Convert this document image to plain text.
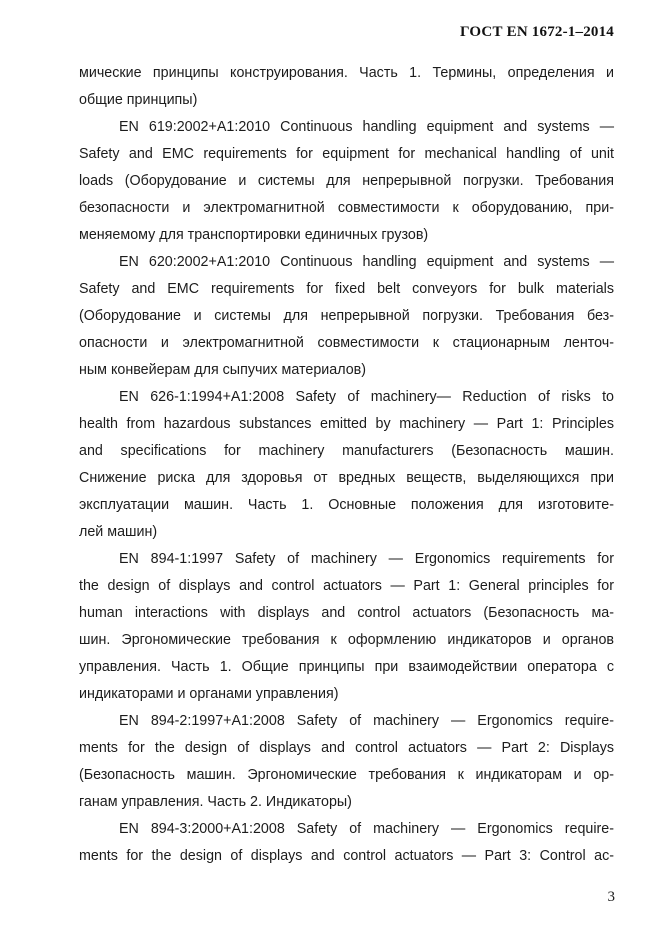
ГОСТ EN 1672-1–2014
мические принципы конструирования. Часть 1. Термины, определения и
общие принципы)
EN 619:2002+A1:2010 Continuous handling equipment and systems —
Safety and EMC requirements for equipment for mechanical handling of unit
loads (Оборудование и системы для непрерывной погрузки. Требования
безопасности и электромагнитной совместимости к оборудованию, при-
меняемому для транспортировки единичных грузов)
EN 620:2002+A1:2010 Continuous handling equipment and systems —
Safety and EMC requirements for fixed belt conveyors for bulk materials
(Оборудование и системы для непрерывной погрузки. Требования без-
опасности и электромагнитной совместимости к стационарным ленточ-
ным конвейерам для сыпучих материалов)
EN 626-1:1994+A1:2008 Safety of machinery— Reduction of risks to
health from hazardous substances emitted by machinery — Part 1: Principles
and specifications for machinery manufacturers (Безопасность машин.
Снижение риска для здоровья от вредных веществ, выделяющихся при
эксплуатации машин. Часть 1. Основные положения для изготовите-
лей машин)
EN 894-1:1997 Safety of machinery — Ergonomics requirements for
the design of displays and control actuators — Part 1: General principles for
human interactions with displays and control actuators (Безопасность ма-
шин. Эргономические требования к оформлению индикаторов и органов
управления. Часть 1. Общие принципы при взаимодействии оператора с
индикаторами и органами управления)
EN 894-2:1997+A1:2008 Safety of machinery — Ergonomics require-
ments for the design of displays and control actuators — Part 2: Displays
(Безопасность машин. Эргономические требования к индикаторам и ор-
ганам управления. Часть 2. Индикаторы)
EN 894-3:2000+A1:2008 Safety of machinery — Ergonomics require-
ments for the design of displays and control actuators — Part 3: Control ac-
3
